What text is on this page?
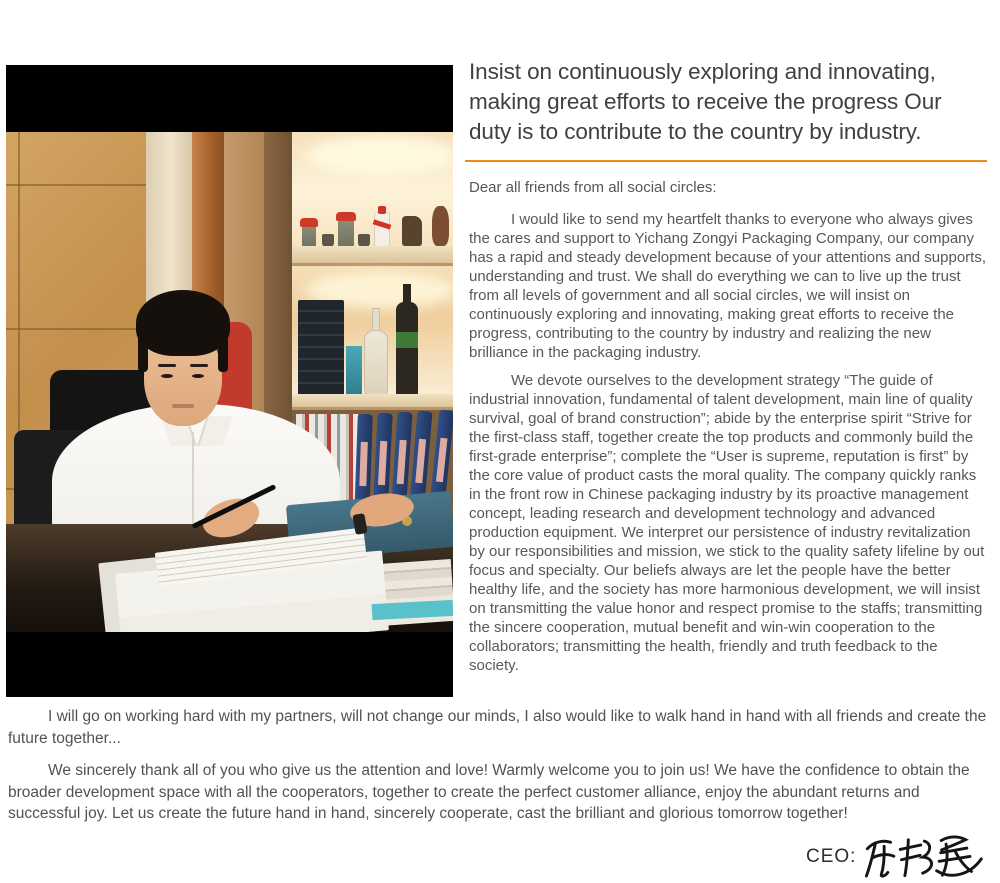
Insist on continuously exploring and innovating, making great efforts to receive the progress Our duty is to contribute to the country by industry.
Dear all friends from all social circles:
I would like to send my heartfelt thanks to everyone who always gives the cares and support to Yichang Zongyi Packaging Company, our company has a rapid and steady development because of your attentions and supports, understanding and trust. We shall do everything we can to live up the trust from all levels of government and all social circles, we will insist on continuously exploring and innovating, making great efforts to receive the progress, contributing to the country by industry and realizing the new brilliance in the packaging industry.
We devote ourselves to the development strategy “The guide of industrial innovation, fundamental of talent development, main line of quality survival, goal of brand construction”; abide by the enterprise spirit “Strive for the first-class staff, together create the top products and commonly build the first-grade enterprise”; complete the “User is supreme, reputation is first” by the core value of product casts the moral quality. The company quickly ranks in the front row in Chinese packaging industry by its proactive management concept, leading research and development technology and advanced production equipment. We interpret our persistence of industry revitalization by our responsibilities and mission, we stick to the quality safety lifeline by out focus and specialty. Our beliefs always are let the people have the better healthy life, and the society has more harmonious development, we will insist on transmitting the value honor and respect promise to the staffs; transmitting the sincere cooperation, mutual benefit and win-win cooperation to the collaborators; transmitting the health, friendly and truth feedback to the society.
I will go on working hard with my partners, will not change our minds, I also would like to walk hand in hand with all friends and create the future together...
We sincerely thank all of you who give us the attention and love! Warmly welcome you to join us! We have the confidence to obtain the broader development space with all the cooperators, together to create the perfect customer alliance, enjoy the abundant returns and successful joy. Let us create the future hand in hand, sincerely cooperate, cast the brilliant and glorious tomorrow together!
CEO:
